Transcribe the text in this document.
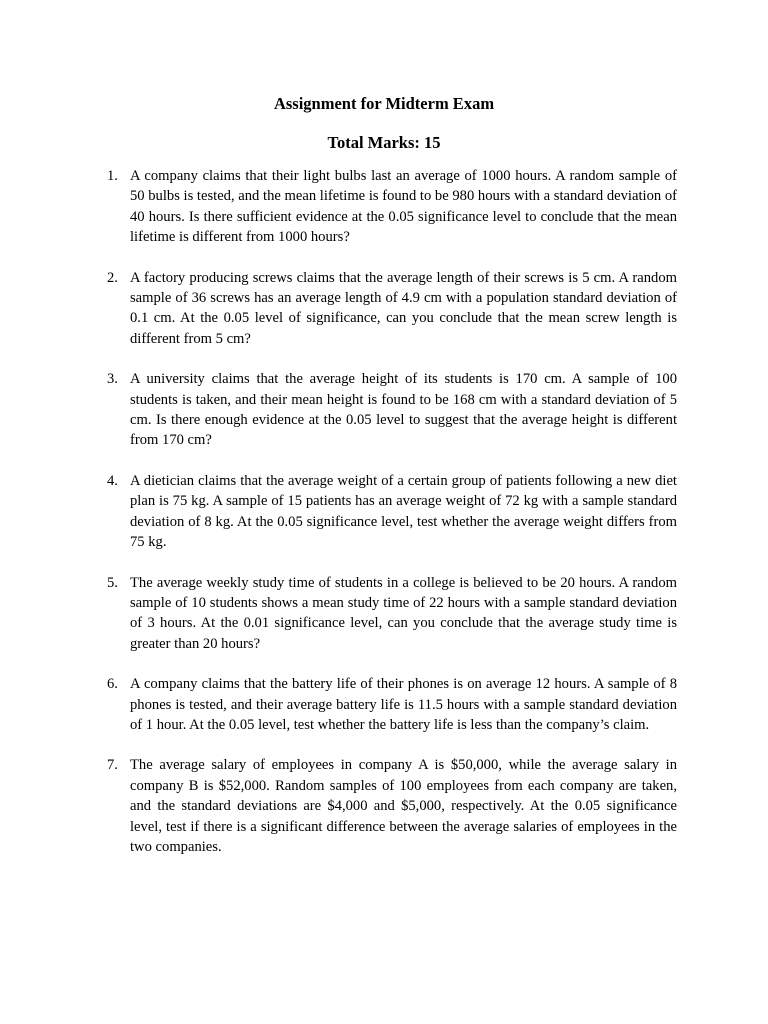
Assignment for Midterm Exam
Total Marks: 15
1. A company claims that their light bulbs last an average of 1000 hours. A random sample of 50 bulbs is tested, and the mean lifetime is found to be 980 hours with a standard deviation of 40 hours. Is there sufficient evidence at the 0.05 significance level to conclude that the mean lifetime is different from 1000 hours?
2. A factory producing screws claims that the average length of their screws is 5 cm. A random sample of 36 screws has an average length of 4.9 cm with a population standard deviation of 0.1 cm. At the 0.05 level of significance, can you conclude that the mean screw length is different from 5 cm?
3. A university claims that the average height of its students is 170 cm. A sample of 100 students is taken, and their mean height is found to be 168 cm with a standard deviation of 5 cm. Is there enough evidence at the 0.05 level to suggest that the average height is different from 170 cm?
4. A dietician claims that the average weight of a certain group of patients following a new diet plan is 75 kg. A sample of 15 patients has an average weight of 72 kg with a sample standard deviation of 8 kg. At the 0.05 significance level, test whether the average weight differs from 75 kg.
5. The average weekly study time of students in a college is believed to be 20 hours. A random sample of 10 students shows a mean study time of 22 hours with a sample standard deviation of 3 hours. At the 0.01 significance level, can you conclude that the average study time is greater than 20 hours?
6. A company claims that the battery life of their phones is on average 12 hours. A sample of 8 phones is tested, and their average battery life is 11.5 hours with a sample standard deviation of 1 hour. At the 0.05 level, test whether the battery life is less than the company’s claim.
7. The average salary of employees in company A is $50,000, while the average salary in company B is $52,000. Random samples of 100 employees from each company are taken, and the standard deviations are $4,000 and $5,000, respectively. At the 0.05 significance level, test if there is a significant difference between the average salaries of employees in the two companies.
